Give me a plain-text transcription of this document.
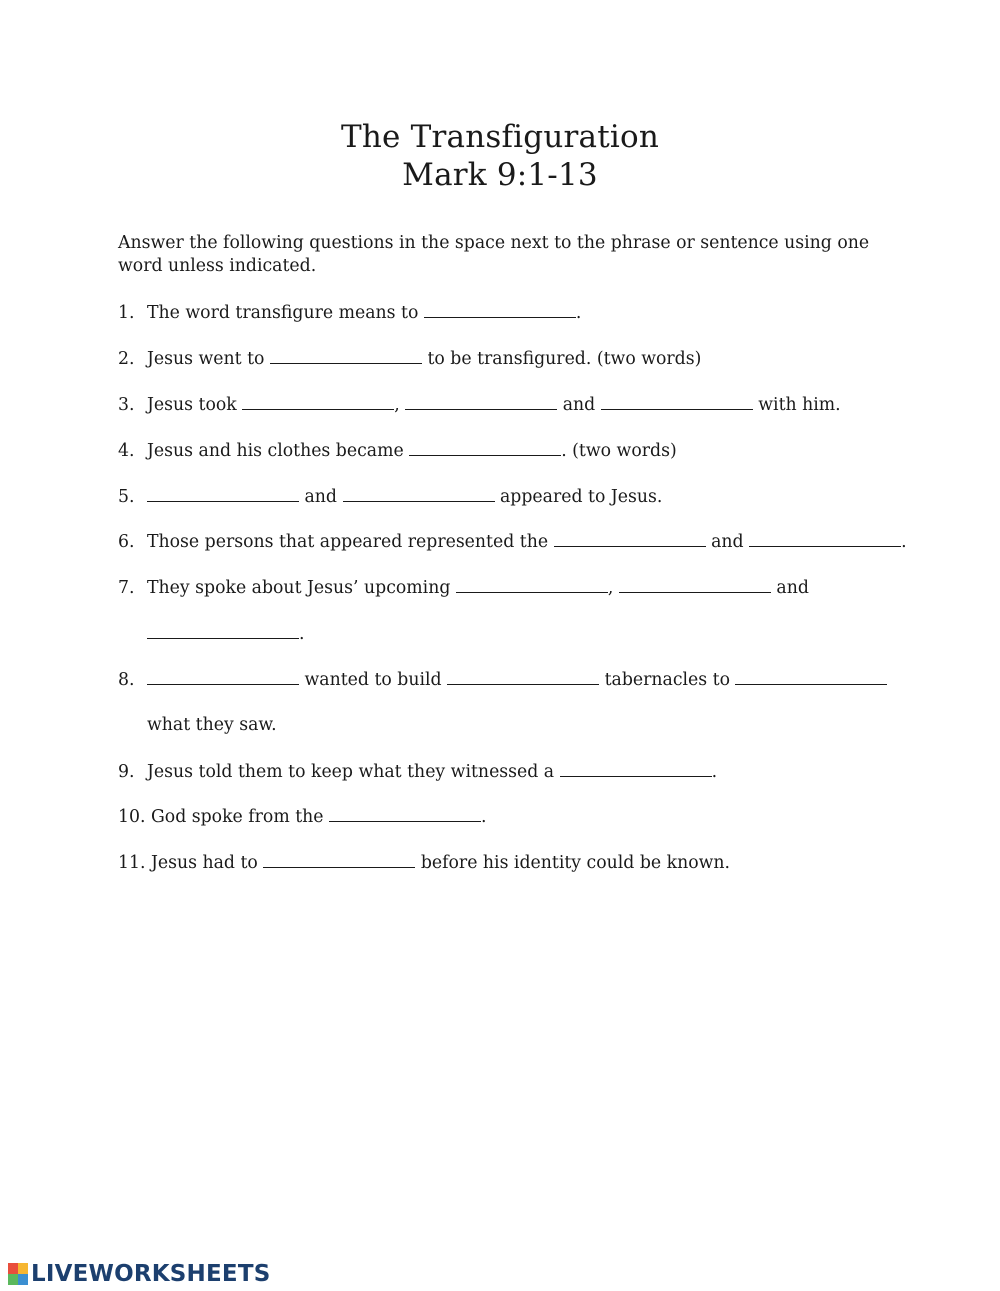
The Transfiguration
Mark 9:1-13
Answer the following questions in the space next to the phrase or sentence using one word unless indicated.
1. The word transfigure means to	.
2. Jesus went to	to be transfigured. (two words)
3. Jesus took	,	and	with him.
4. Jesus and his clothes became	. (two words)
5.	and	appeared to Jesus.
6. Those persons that appeared represented the	and	.
7. They spoke about Jesus’ upcoming	,	and
.
8.	wanted to build	tabernacles to
what they saw.
9. Jesus told them to keep what they witnessed a	.
10. God spoke from the	.
11. Jesus had to	before his identity could be known.
LIVEWORKSHEETS
